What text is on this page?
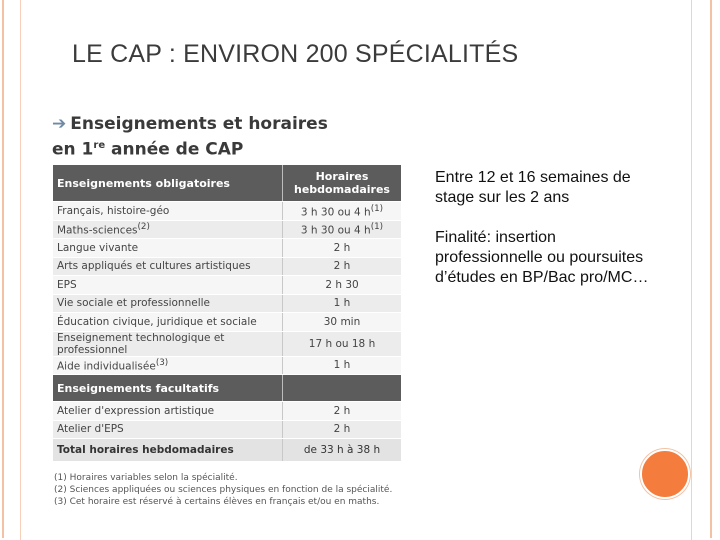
LE CAP : ENVIRON 200 SPÉCIALITÉS
➔ Enseignements et horaires
en 1re année de CAP
Enseignements obligatoires	Horaires hebdomadaires
Français, histoire-géo	3 h 30 ou 4 $h^{(1)}$
Maths-sciences$^{(2)}$	3 h 30 ou 4 $h^{(1)}$
Langue vivante	2 h
Arts appliqués et cultures artistiques	2 h
EPS	2 h 30
Vie sociale et professionnelle	1 h
Éducation civique, juridique et sociale	30 min
Enseignement technologique et professionnel	17 h ou 18 h
Aide individualisée$^{(3)}$	1 h
Enseignements facultatifs	
Atelier d'expression artistique	2 h
Atelier d'EPS	2 h
Total horaires hebdomadaires	de 33 h à 38 h
(1) Horaires variables selon la spécialité.
(2) Sciences appliquées ou sciences physiques en fonction de la spécialité.
(3) Cet horaire est réservé à certains élèves en français et/ou en maths.

Entre 12 et 16 semaines de stage sur les 2 ans

Finalité: insertion professionnelle ou poursuites d’études en BP/Bac pro/MC…
